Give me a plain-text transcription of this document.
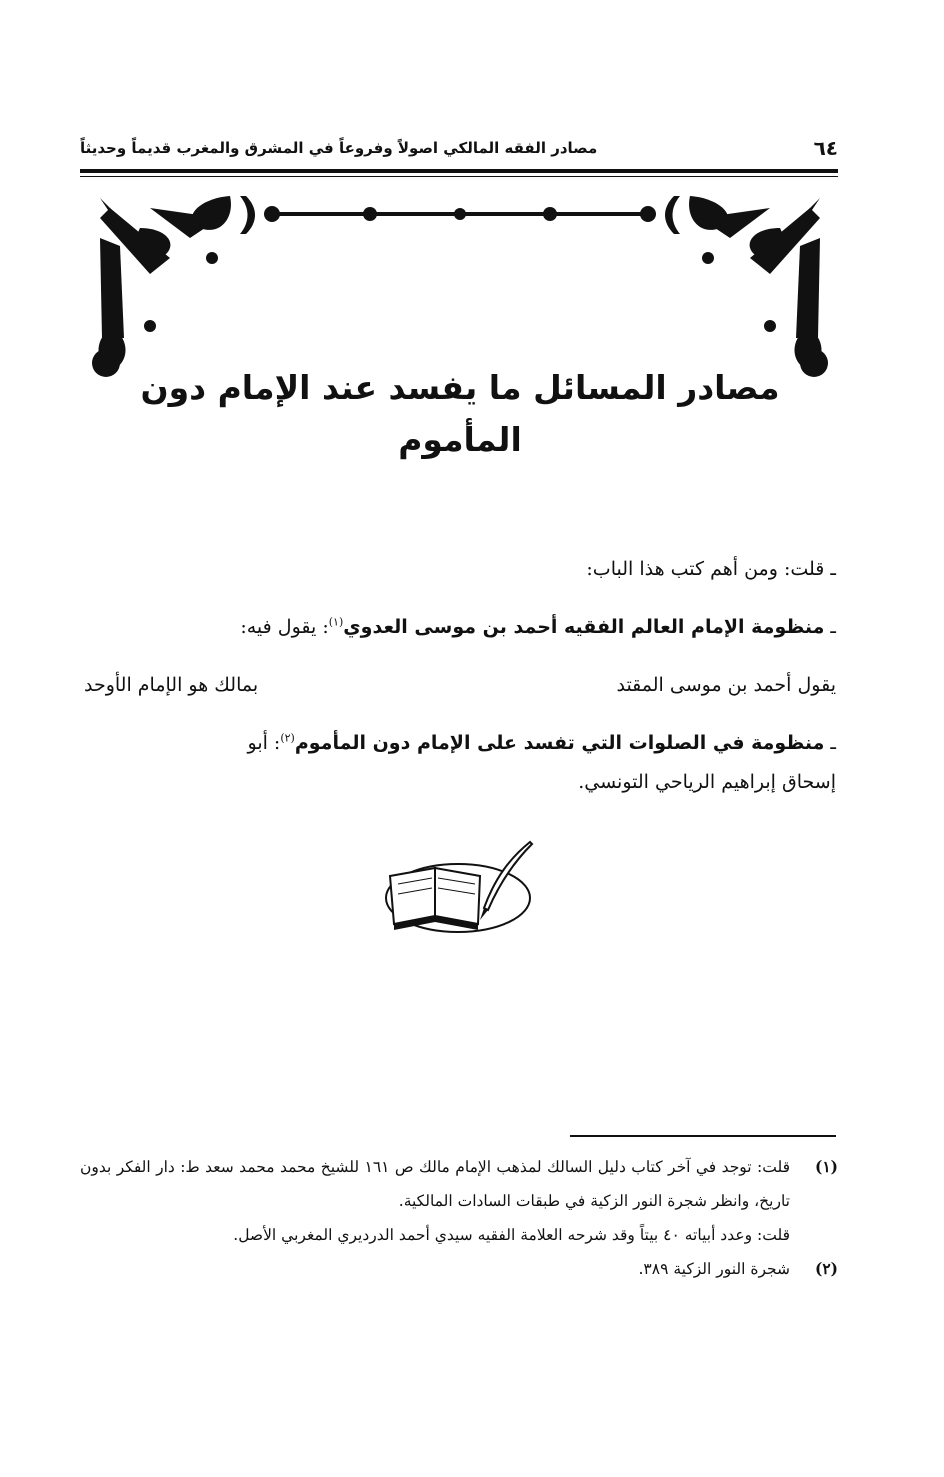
٦٤
مصادر الفقه المالكي اصولاً وفروعاً في المشرق والمغرب قديماً وحديثاً
مصادر المسائل ما يفسد عند الإمام دون المأموم

ـ قلت: ومن أهم كتب هذا الباب:

ـ منظومة الإمام العالم الفقيه أحمد بن موسى العدوي$^{(١)}$: يقول فيه:

يقول أحمد بن موسى المقتد
بمالك هو الإمام الأوحد

ـ منظومة في الصلوات التي تفسد على الإمام دون المأموم$^{(٢)}$: أبو

إسحاق إبراهيم الرياحي التونسي.

(١)

قلت: توجد في آخر كتاب دليل السالك لمذهب الإمام مالك ص ١٦١ للشيخ محمد محمد سعد ط: دار الفكر بدون تاريخ، وانظر شجرة النور الزكية في طبقات السادات المالكية.

قلت: وعدد أبياته ٤٠ بيتاً وقد شرحه العلامة الفقيه سيدي أحمد الدرديري المغربي الأصل.

(٢)

شجرة النور الزكية ٣٨٩.
